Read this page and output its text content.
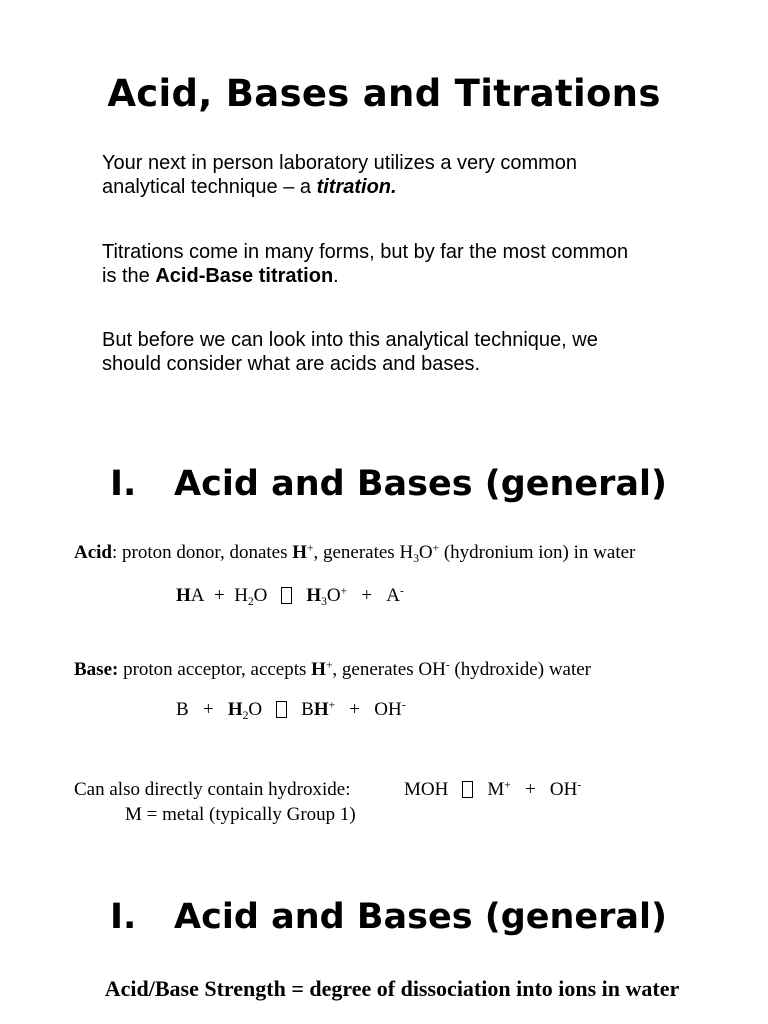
Acid, Bases and Titrations
Your next in person laboratory utilizes a very common
analytical technique – a titration.
Titrations come in many forms, but by far the most common
is the Acid-Base titration.
But before we can look into this analytical technique, we
should consider what are acids and bases.
I. Acid and Bases (general)
Acid: proton donor, donates H+, generates $H_3O^+$ (hydronium ion) in water
HA + $H_2O$ $H_3O^+ + A^-$
Base: proton acceptor, accepts H+, generates OH- (hydroxide) water
$B + H_2O$ BH+ + OH-
Can also directly contain hydroxide:	MOH M+ + OH-
M = metal (typically Group 1)
I. Acid and Bases (general)
Acid/Base Strength = degree of dissociation into ions in water
